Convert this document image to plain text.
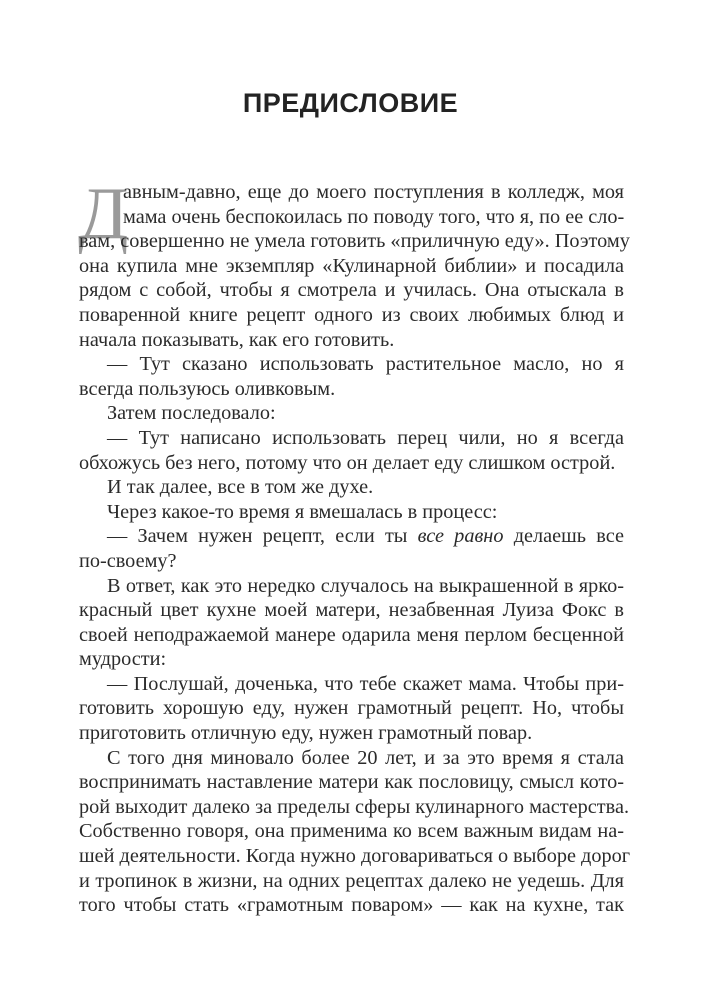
ПРЕДИСЛОВИЕ
Д
авным-давно, еще до моего поступления в колледж, моя
мама очень беспокоилась по поводу того, что я, по ее сло-
вам, совершенно не умела готовить «приличную еду». Поэтому
она купила мне экземпляр «Кулинарной библии» и посадила
рядом с собой, чтобы я смотрела и училась. Она отыскала в
поваренной книге рецепт одного из своих любимых блюд и
начала показывать, как его готовить.
— Тут сказано использовать растительное масло, но я
всегда пользуюсь оливковым.
Затем последовало:
— Тут написано использовать перец чили, но я всегда
обхожусь без него, потому что он делает еду слишком острой.
И так далее, все в том же духе.
Через какое-то время я вмешалась в процесс:
— Зачем нужен рецепт, если ты все равно делаешь все
по-своему?
В ответ, как это нередко случалось на выкрашенной в ярко-
красный цвет кухне моей матери, незабвенная Луиза Фокс в
своей неподражаемой манере одарила меня перлом бесценной
мудрости:
— Послушай, доченька, что тебе скажет мама. Чтобы при-
готовить хорошую еду, нужен грамотный рецепт. Но, чтобы
приготовить отличную еду, нужен грамотный повар.
С того дня миновало более 20 лет, и за это время я стала
воспринимать наставление матери как пословицу, смысл кото-
рой выходит далеко за пределы сферы кулинарного мастерства.
Собственно говоря, она применима ко всем важным видам на-
шей деятельности. Когда нужно договариваться о выборе дорог
и тропинок в жизни, на одних рецептах далеко не уедешь. Для
того чтобы стать «грамотным поваром» — как на кухне, так
